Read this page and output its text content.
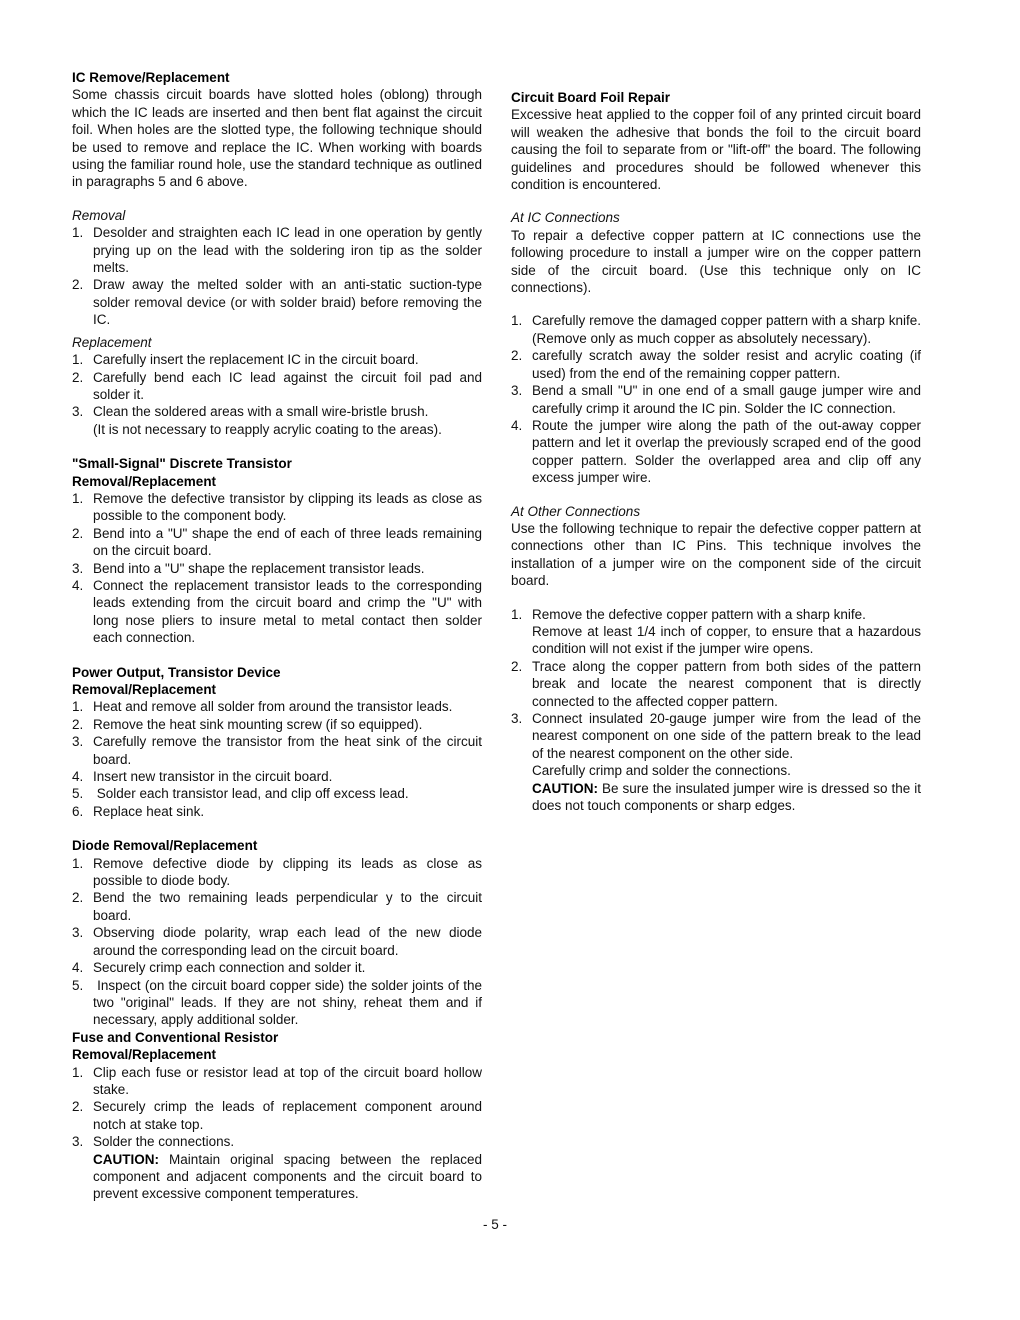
IC Remove/Replacement
Some chassis circuit boards have slotted holes (oblong) through which the IC leads are inserted and then bent flat against the circuit foil. When holes are the slotted type, the following technique should be used to remove and replace the IC. When working with boards using the familiar round hole, use the standard technique as outlined in paragraphs 5 and 6 above.
Removal
1. Desolder and straighten each IC lead in one operation by gently prying up on the lead with the soldering iron tip as the solder melts.
2. Draw away the melted solder with an anti-static suction-type solder removal device (or with solder braid) before removing the IC.
Replacement
1. Carefully insert the replacement IC in the circuit board.
2. Carefully bend each IC lead against the circuit foil pad and solder it.
3. Clean the soldered areas with a small wire-bristle brush.
(It is not necessary to reapply acrylic coating to the areas).
"Small-Signal" Discrete Transistor
Removal/Replacement
1. Remove the defective transistor by clipping its leads as close as possible to the component body.
2. Bend into a "U" shape the end of each of three leads remaining on the circuit board.
3. Bend into a "U" shape the replacement transistor leads.
4. Connect the replacement transistor leads to the corresponding leads extending from the circuit board and crimp the "U" with long nose pliers to insure metal to metal contact then solder each connection.
Power Output, Transistor Device
Removal/Replacement
1. Heat and remove all solder from around the transistor leads.
2. Remove the heat sink mounting screw (if so equipped).
3. Carefully remove the transistor from the heat sink of the circuit board.
4. Insert new transistor in the circuit board.
5. Solder each transistor lead, and clip off excess lead.
6. Replace heat sink.
Diode Removal/Replacement
1. Remove defective diode by clipping its leads as close as possible to diode body.
2. Bend the two remaining leads perpendicular y to the circuit board.
3. Observing diode polarity, wrap each lead of the new diode around the corresponding lead on the circuit board.
4. Securely crimp each connection and solder it.
5. Inspect (on the circuit board copper side) the solder joints of the two "original" leads. If they are not shiny, reheat them and if necessary, apply additional solder.
Fuse and Conventional Resistor
Removal/Replacement
1. Clip each fuse or resistor lead at top of the circuit board hollow stake.
2. Securely crimp the leads of replacement component around notch at stake top.
3. Solder the connections.
CAUTION: Maintain original spacing between the replaced component and adjacent components and the circuit board to prevent excessive component temperatures.
Circuit Board Foil Repair
Excessive heat applied to the copper foil of any printed circuit board will weaken the adhesive that bonds the foil to the circuit board causing the foil to separate from or "lift-off" the board. The following guidelines and procedures should be followed whenever this condition is encountered.
At IC Connections
To repair a defective copper pattern at IC connections use the following procedure to install a jumper wire on the copper pattern side of the circuit board. (Use this technique only on IC connections).
1. Carefully remove the damaged copper pattern with a sharp knife. (Remove only as much copper as absolutely necessary).
2. carefully scratch away the solder resist and acrylic coating (if used) from the end of the remaining copper pattern.
3. Bend a small "U" in one end of a small gauge jumper wire and carefully crimp it around the IC pin. Solder the IC connection.
4. Route the jumper wire along the path of the out-away copper pattern and let it overlap the previously scraped end of the good copper pattern. Solder the overlapped area and clip off any excess jumper wire.
At Other Connections
Use the following technique to repair the defective copper pattern at connections other than IC Pins. This technique involves the installation of a jumper wire on the component side of the circuit board.
1. Remove the defective copper pattern with a sharp knife.
Remove at least 1/4 inch of copper, to ensure that a hazardous condition will not exist if the jumper wire opens.
2. Trace along the copper pattern from both sides of the pattern break and locate the nearest component that is directly connected to the affected copper pattern.
3. Connect insulated 20-gauge jumper wire from the lead of the nearest component on one side of the pattern break to the lead of the nearest component on the other side.
Carefully crimp and solder the connections.
CAUTION: Be sure the insulated jumper wire is dressed so the it does not touch components or sharp edges.
- 5 -
